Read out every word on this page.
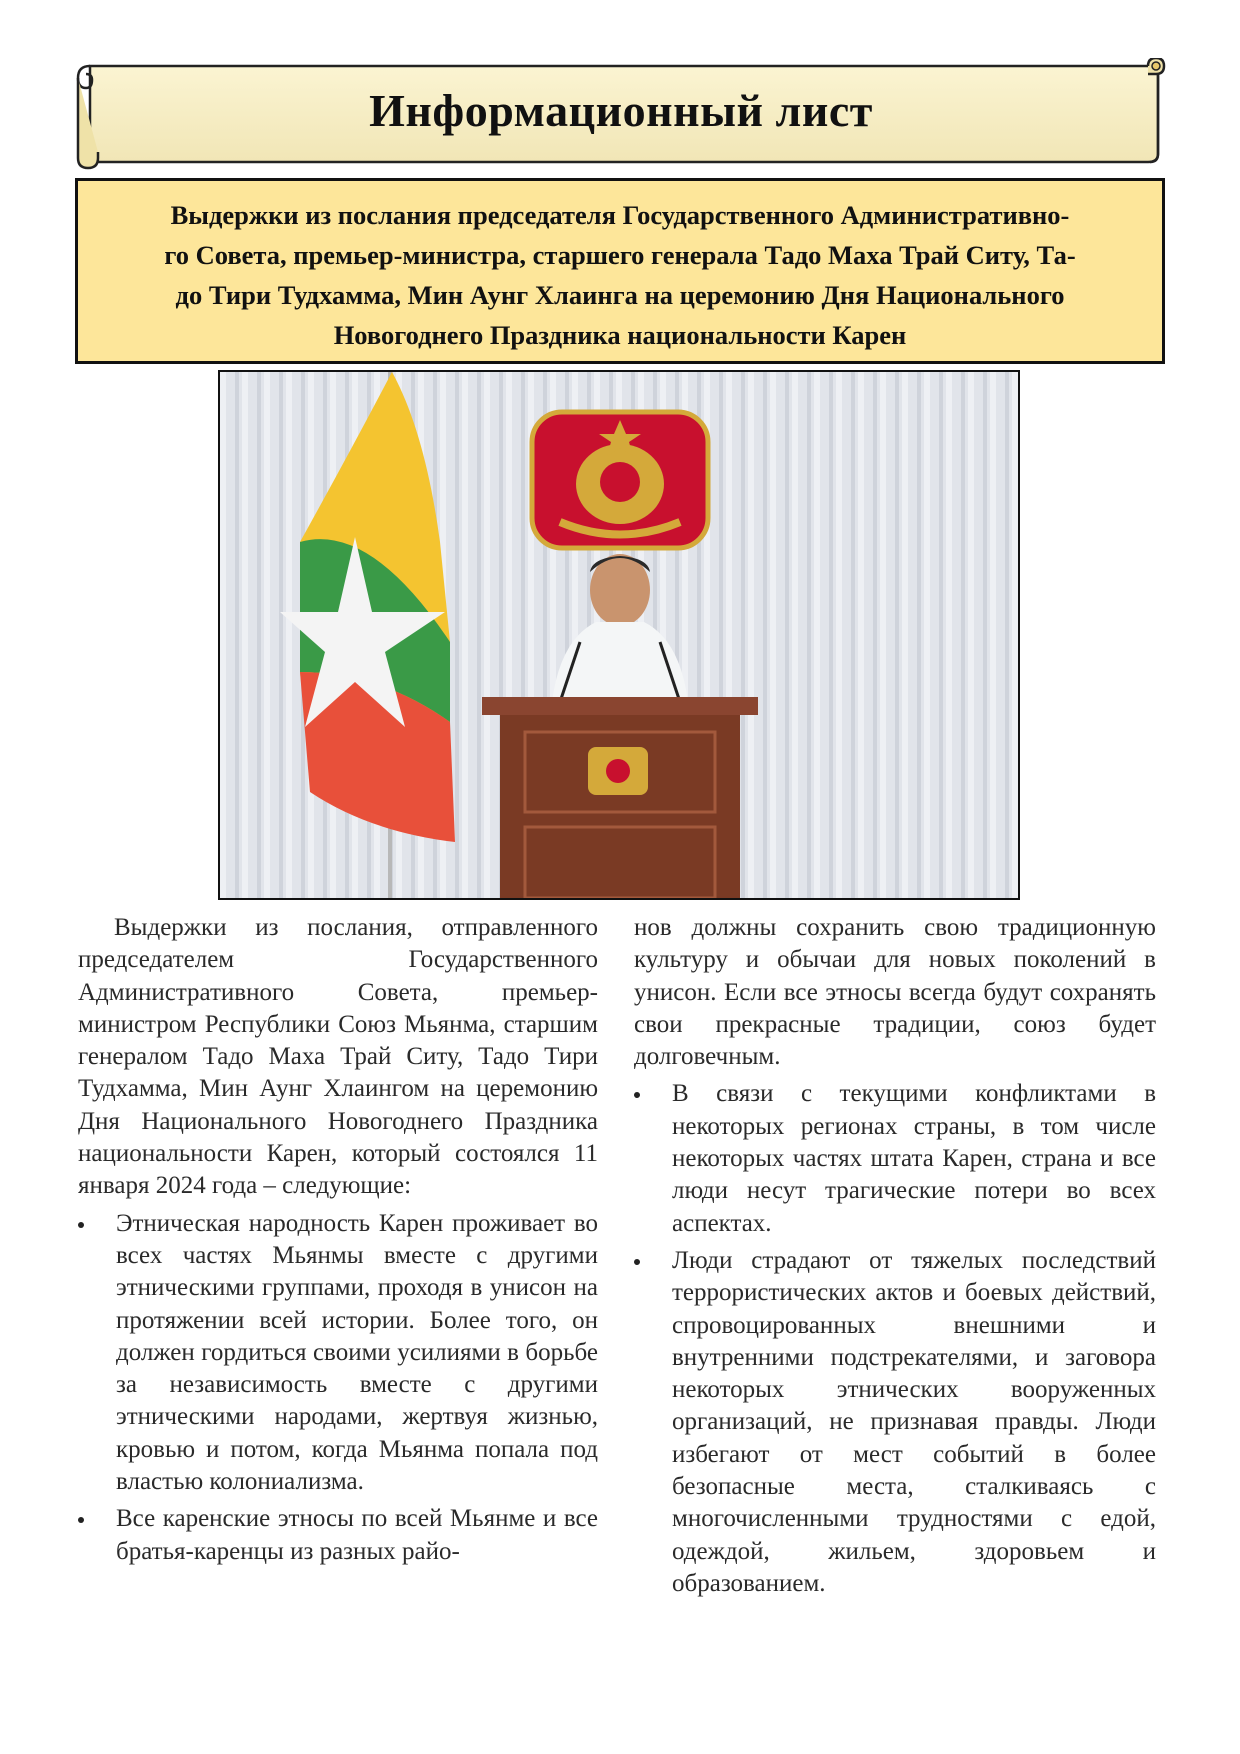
Информационный лист
Выдержки из послания председателя Государственного Административно-
го Совета, премьер-министра, старшего генерала Тадо Маха Трай Ситу, Та-
до Тири Тудхамма, Мин Аунг Хлаинга на церемонию Дня Национального
Новогоднего Праздника национальности Карен

Выдержки из послания, отправленного председателем Государственного Административного Совета, премьер-министром Республики Союз Мьянма, старшим генералом Тадо Маха Трай Ситу, Тадо Тири Тудхамма, Мин Аунг Хлаингом на церемонию Дня Национального Новогоднего Праздника национальности Карен, который состоялся 11 января 2024 года – следующие:

Этническая народность Карен проживает во всех частях Мьянмы вместе с другими этническими группами, проходя в унисон на протяжении всей истории. Более того, он должен гордиться своими усилиями в борьбе за независимость вместе с другими этническими народами, жертвуя жизнью, кровью и потом, когда Мьянма попала под властью колониализма.

Все каренские этносы по всей Мьянме и все братья-каренцы из разных райо-

нов должны сохранить свою традиционную культуру и обычаи для новых поколений в унисон. Если все этносы всегда будут сохранять свои прекрасные традиции, союз будет долговечным.

В связи с текущими конфликтами в некоторых регионах страны, в том числе некоторых частях штата Карен, страна и все люди несут трагические потери во всех аспектах.

Люди страдают от тяжелых последствий террористических актов и боевых действий, спровоцированных внешними и внутренними подстрекателями, и заговора некоторых этнических вооруженных организаций, не признавая правды. Люди избегают от мест событий в более безопасные места, сталкиваясь с многочисленными трудностями с едой, одеждой, жильем, здоровьем и образованием.
